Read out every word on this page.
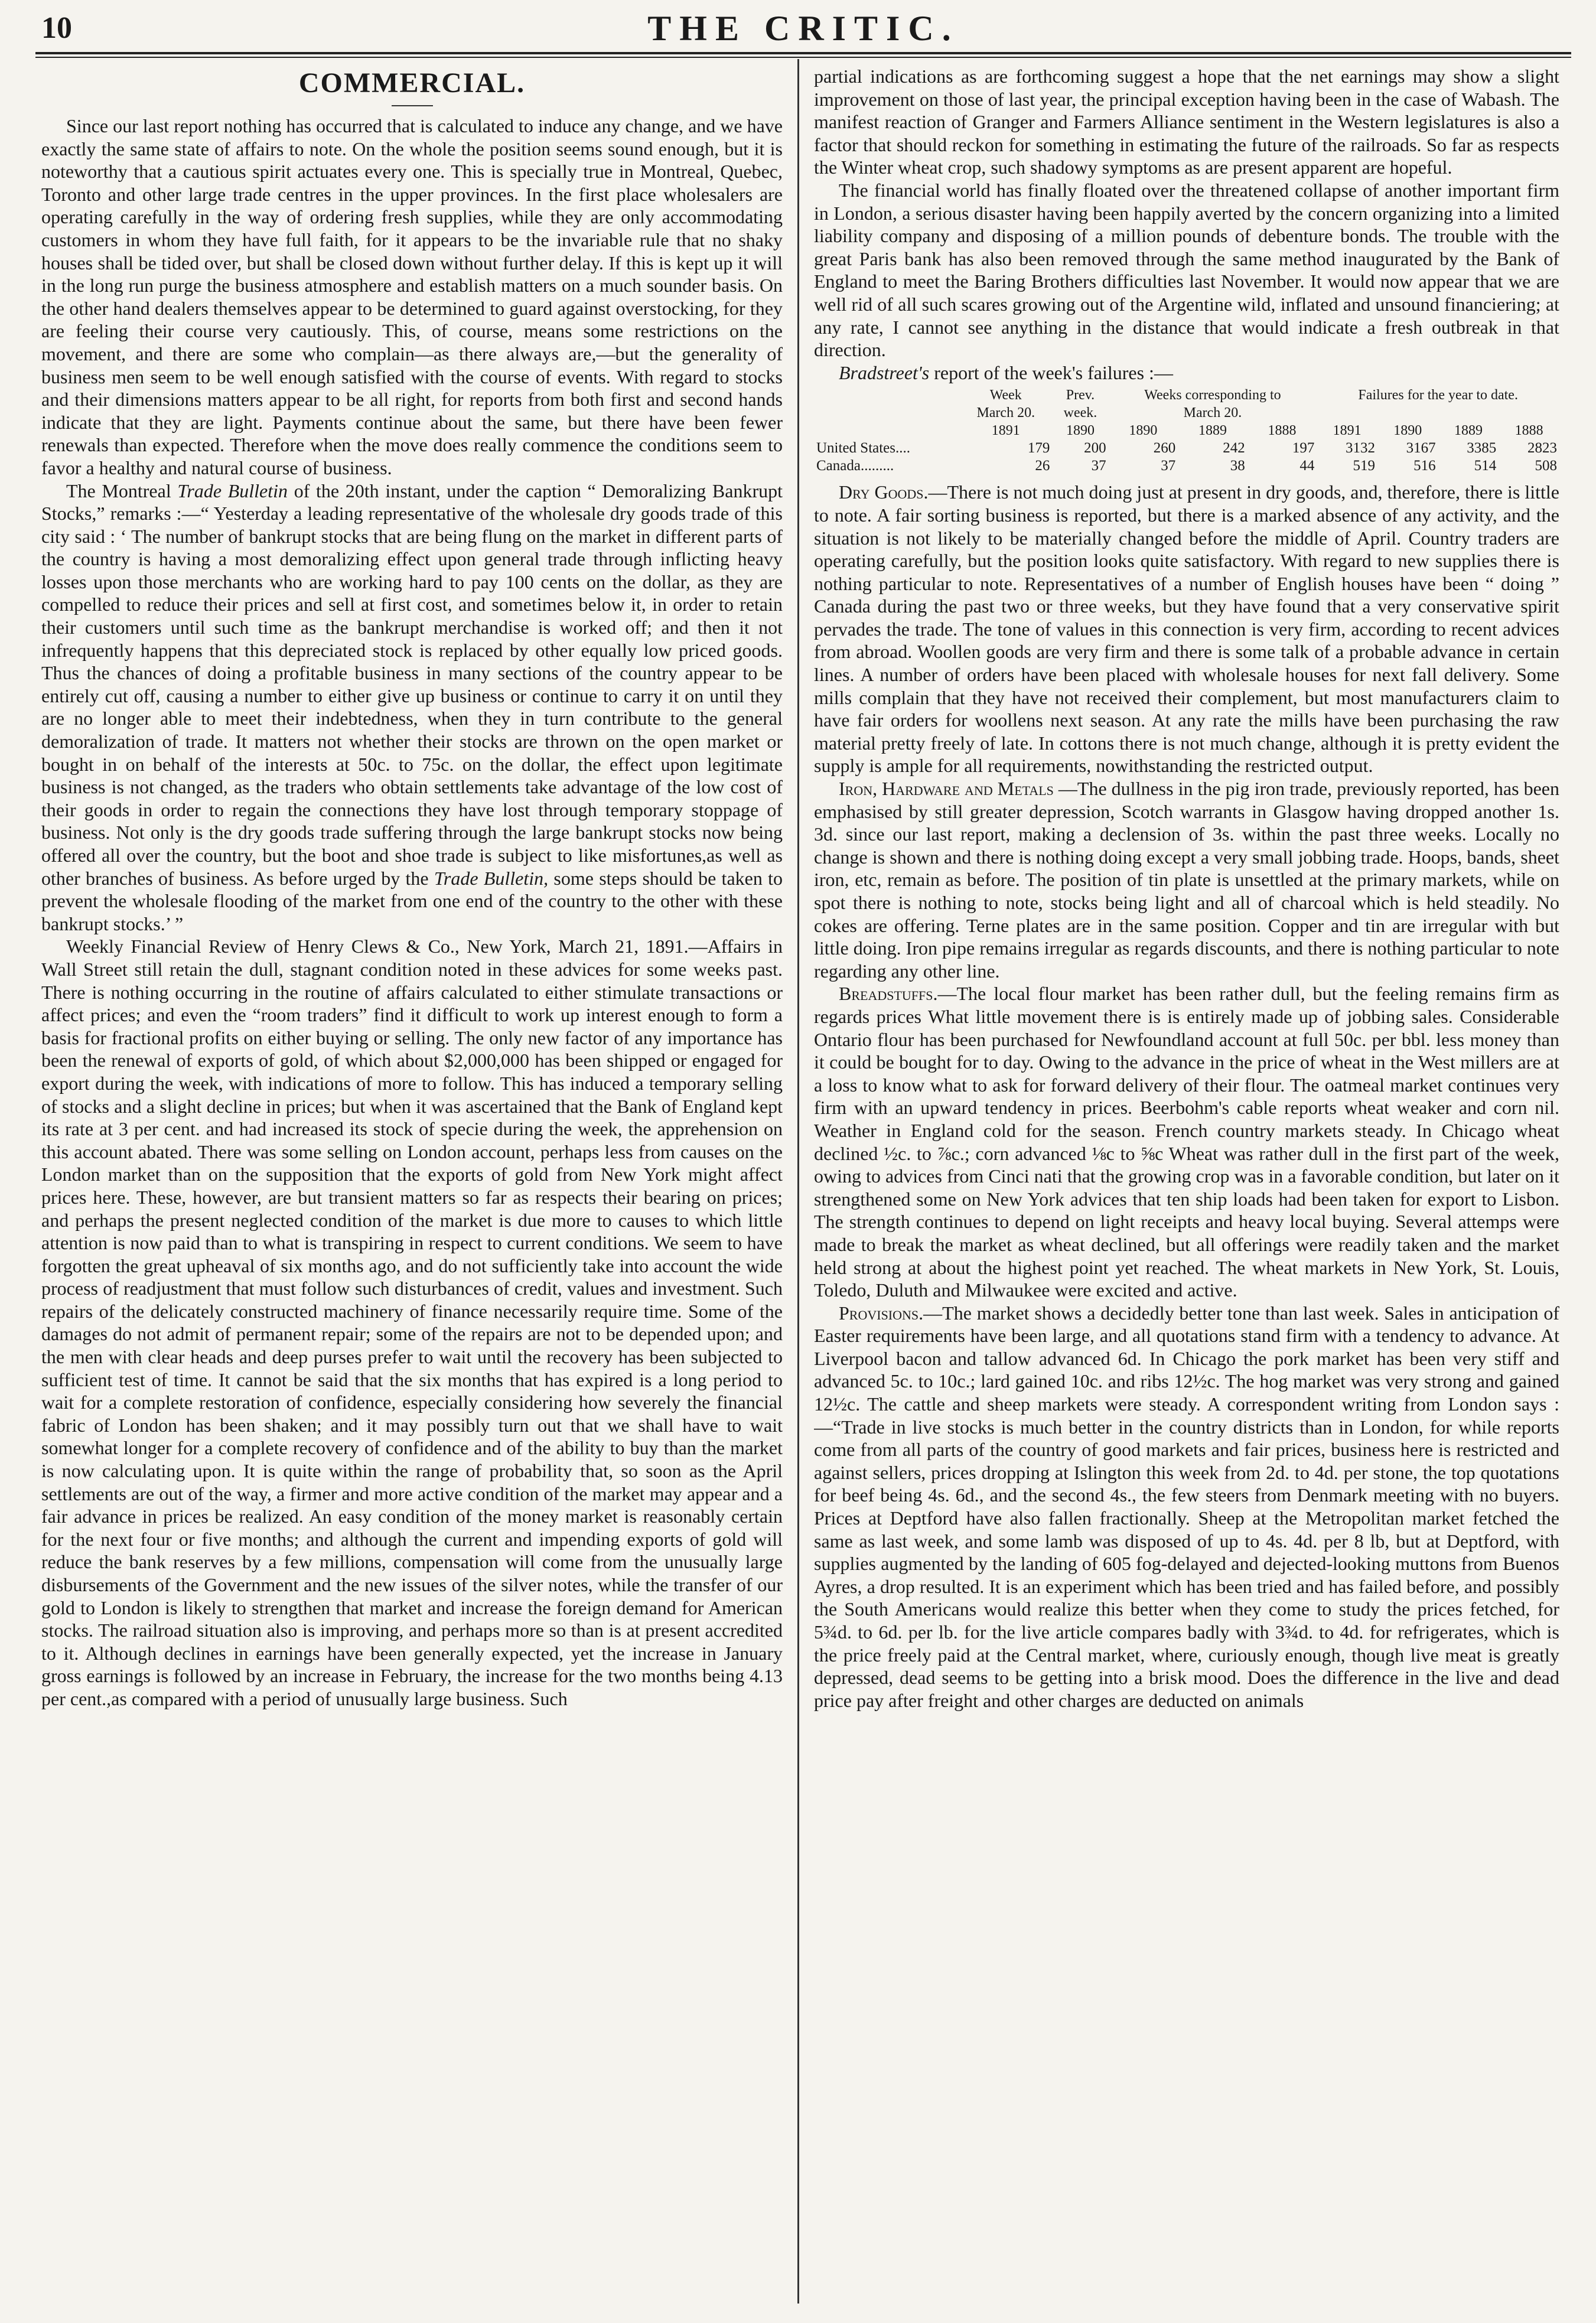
10	THE CRITIC.
COMMERCIAL.

Since our last report nothing has occurred that is calculated to induce any change, and we have exactly the same state of affairs to note. On the whole the position seems sound enough, but it is noteworthy that a cautious spirit actuates every one. This is specially true in Montreal, Quebec, Toronto and other large trade centres in the upper provinces. In the first place wholesalers are operating carefully in the way of ordering fresh supplies, while they are only accommodating customers in whom they have full faith, for it appears to be the invariable rule that no shaky houses shall be tided over, but shall be closed down without further delay. If this is kept up it will in the long run purge the business atmosphere and establish matters on a much sounder basis. On the other hand dealers themselves appear to be determined to guard against overstocking, for they are feeling their course very cautiously. This, of course, means some restrictions on the movement, and there are some who complain—as there always are,—but the generality of business men seem to be well enough satisfied with the course of events. With regard to stocks and their dimensions matters appear to be all right, for reports from both first and second hands indicate that they are light. Payments continue about the same, but there have been fewer renewals than expected. Therefore when the move does really commence the conditions seem to favor a healthy and natural course of business.

The Montreal Trade Bulletin of the 20th instant, under the caption “ Demoralizing Bankrupt Stocks,” remarks :—“ Yesterday a leading representative of the wholesale dry goods trade of this city said : ‘ The number of bankrupt stocks that are being flung on the market in different parts of the country is having a most demoralizing effect upon general trade through inflicting heavy losses upon those merchants who are working hard to pay 100 cents on the dollar, as they are compelled to reduce their prices and sell at first cost, and sometimes below it, in order to retain their customers until such time as the bankrupt merchandise is worked off; and then it not infrequently happens that this depreciated stock is replaced by other equally low priced goods. Thus the chances of doing a profitable business in many sections of the country appear to be entirely cut off, causing a number to either give up business or continue to carry it on until they are no longer able to meet their indebtedness, when they in turn contribute to the general demoralization of trade. It matters not whether their stocks are thrown on the open market or bought in on behalf of the interests at 50c. to 75c. on the dollar, the effect upon legitimate business is not changed, as the traders who obtain settlements take advantage of the low cost of their goods in order to regain the connections they have lost through temporary stoppage of business. Not only is the dry goods trade suffering through the large bankrupt stocks now being offered all over the country, but the boot and shoe trade is subject to like misfortunes,as well as other branches of business. As before urged by the Trade Bulletin, some steps should be taken to prevent the wholesale flooding of the market from one end of the country to the other with these bankrupt stocks.’ ”

Weekly Financial Review of Henry Clews & Co., New York, March 21, 1891.—Affairs in Wall Street still retain the dull, stagnant condition noted in these advices for some weeks past. There is nothing occurring in the routine of affairs calculated to either stimulate transactions or affect prices; and even the “room traders” find it difficult to work up interest enough to form a basis for fractional profits on either buying or selling. The only new factor of any importance has been the renewal of exports of gold, of which about $2,000,000 has been shipped or engaged for export during the week, with indications of more to follow. This has induced a temporary selling of stocks and a slight decline in prices; but when it was ascertained that the Bank of England kept its rate at 3 per cent. and had increased its stock of specie during the week, the apprehension on this account abated. There was some selling on London account, perhaps less from causes on the London market than on the supposition that the exports of gold from New York might affect prices here. These, however, are but transient matters so far as respects their bearing on prices; and perhaps the present neglected condition of the market is due more to causes to which little attention is now paid than to what is transpiring in respect to current conditions. We seem to have forgotten the great upheaval of six months ago, and do not sufficiently take into account the wide process of readjustment that must follow such disturbances of credit, values and investment. Such repairs of the delicately constructed machinery of finance necessarily require time. Some of the damages do not admit of permanent repair; some of the repairs are not to be depended upon; and the men with clear heads and deep purses prefer to wait until the recovery has been subjected to sufficient test of time. It cannot be said that the six months that has expired is a long period to wait for a complete restoration of confidence, especially considering how severely the financial fabric of London has been shaken; and it may possibly turn out that we shall have to wait somewhat longer for a complete recovery of confidence and of the ability to buy than the market is now calculating upon. It is quite within the range of probability that, so soon as the April settlements are out of the way, a firmer and more active condition of the market may appear and a fair advance in prices be realized. An easy condition of the money market is reasonably certain for the next four or five months; and although the current and impending exports of gold will reduce the bank reserves by a few millions, compensation will come from the unusually large disbursements of the Government and the new issues of the silver notes, while the transfer of our gold to London is likely to strengthen that market and increase the foreign demand for American stocks. The railroad situation also is improving, and perhaps more so than is at present accredited to it. Although declines in earnings have been generally expected, yet the increase in January gross earnings is followed by an increase in February, the increase for the two months being 4.13 per cent.,as compared with a period of unusually large business. Such

partial indications as are forthcoming suggest a hope that the net earnings may show a slight improvement on those of last year, the principal exception having been in the case of Wabash. The manifest reaction of Granger and Farmers Alliance sentiment in the Western legislatures is also a factor that should reckon for something in estimating the future of the railroads. So far as respects the Winter wheat crop, such shadowy symptoms as are present apparent are hopeful.

The financial world has finally floated over the threatened collapse of another important firm in London, a serious disaster having been happily averted by the concern organizing into a limited liability company and disposing of a million pounds of debenture bonds. The trouble with the great Paris bank has also been removed through the same method inaugurated by the Bank of England to meet the Baring Brothers difficulties last November. It would now appear that we are well rid of all such scares growing out of the Argentine wild, inflated and unsound financiering; at any rate, I cannot see anything in the distance that would indicate a fresh outbreak in that direction.

Bradstreet's report of the week's failures :—

	Week	Prev.	Weeks corresponding to			Failures for the year to date.			
	March 20.	week.	March 20.						
	1891	1890	1890	1889	1888	1891	1890	1889	1888
United States....	179	200	260	242	197	3132	3167	3385	2823
Canada.........	26	37	37	38	44	519	516	514	508

Dry Goods.—There is not much doing just at present in dry goods, and, therefore, there is little to note. A fair sorting business is reported, but there is a marked absence of any activity, and the situation is not likely to be materially changed before the middle of April. Country traders are operating carefully, but the position looks quite satisfactory. With regard to new supplies there is nothing particular to note. Representatives of a number of English houses have been “ doing ” Canada during the past two or three weeks, but they have found that a very conservative spirit pervades the trade. The tone of values in this connection is very firm, according to recent advices from abroad. Woollen goods are very firm and there is some talk of a probable advance in certain lines. A number of orders have been placed with wholesale houses for next fall delivery. Some mills complain that they have not received their complement, but most manufacturers claim to have fair orders for woollens next season. At any rate the mills have been purchasing the raw material pretty freely of late. In cottons there is not much change, although it is pretty evident the supply is ample for all requirements, nowithstanding the restricted output.

Iron, Hardware and Metals —The dullness in the pig iron trade, previously reported, has been emphasised by still greater depression, Scotch warrants in Glasgow having dropped another 1s. 3d. since our last report, making a declension of 3s. within the past three weeks. Locally no change is shown and there is nothing doing except a very small jobbing trade. Hoops, bands, sheet iron, etc, remain as before. The position of tin plate is unsettled at the primary markets, while on spot there is nothing to note, stocks being light and all of charcoal which is held steadily. No cokes are offering. Terne plates are in the same position. Copper and tin are irregular with but little doing. Iron pipe remains irregular as regards discounts, and there is nothing particular to note regarding any other line.

Breadstuffs.—The local flour market has been rather dull, but the feeling remains firm as regards prices What little movement there is is entirely made up of jobbing sales. Considerable Ontario flour has been purchased for Newfoundland account at full 50c. per bbl. less money than it could be bought for to day. Owing to the advance in the price of wheat in the West millers are at a loss to know what to ask for forward delivery of their flour. The oatmeal market continues very firm with an upward tendency in prices. Beerbohm's cable reports wheat weaker and corn nil. Weather in England cold for the season. French country markets steady. In Chicago wheat declined ½c. to ⅞c.; corn advanced ⅛c to ⅝c Wheat was rather dull in the first part of the week, owing to advices from Cinci nati that the growing crop was in a favorable condition, but later on it strengthened some on New York advices that ten ship loads had been taken for export to Lisbon. The strength continues to depend on light receipts and heavy local buying. Several attemps were made to break the market as wheat declined, but all offerings were readily taken and the market held strong at about the highest point yet reached. The wheat markets in New York, St. Louis, Toledo, Duluth and Milwaukee were excited and active.

Provisions.—The market shows a decidedly better tone than last week. Sales in anticipation of Easter requirements have been large, and all quotations stand firm with a tendency to advance. At Liverpool bacon and tallow advanced 6d. In Chicago the pork market has been very stiff and advanced 5c. to 10c.; lard gained 10c. and ribs 12½c. The hog market was very strong and gained 12½c. The cattle and sheep markets were steady. A correspondent writing from London says :—“Trade in live stocks is much better in the country districts than in London, for while reports come from all parts of the country of good markets and fair prices, business here is restricted and against sellers, prices dropping at Islington this week from 2d. to 4d. per stone, the top quotations for beef being 4s. 6d., and the second 4s., the few steers from Denmark meeting with no buyers. Prices at Deptford have also fallen fractionally. Sheep at the Metropolitan market fetched the same as last week, and some lamb was disposed of up to 4s. 4d. per 8 lb, but at Deptford, with supplies augmented by the landing of 605 fog-delayed and dejected-looking muttons from Buenos Ayres, a drop resulted. It is an experiment which has been tried and has failed before, and possibly the South Americans would realize this better when they come to study the prices fetched, for 5¾d. to 6d. per lb. for the live article compares badly with 3¾d. to 4d. for refrigerates, which is the price freely paid at the Central market, where, curiously enough, though live meat is greatly depressed, dead seems to be getting into a brisk mood. Does the difference in the live and dead price pay after freight and other charges are deducted on animals
